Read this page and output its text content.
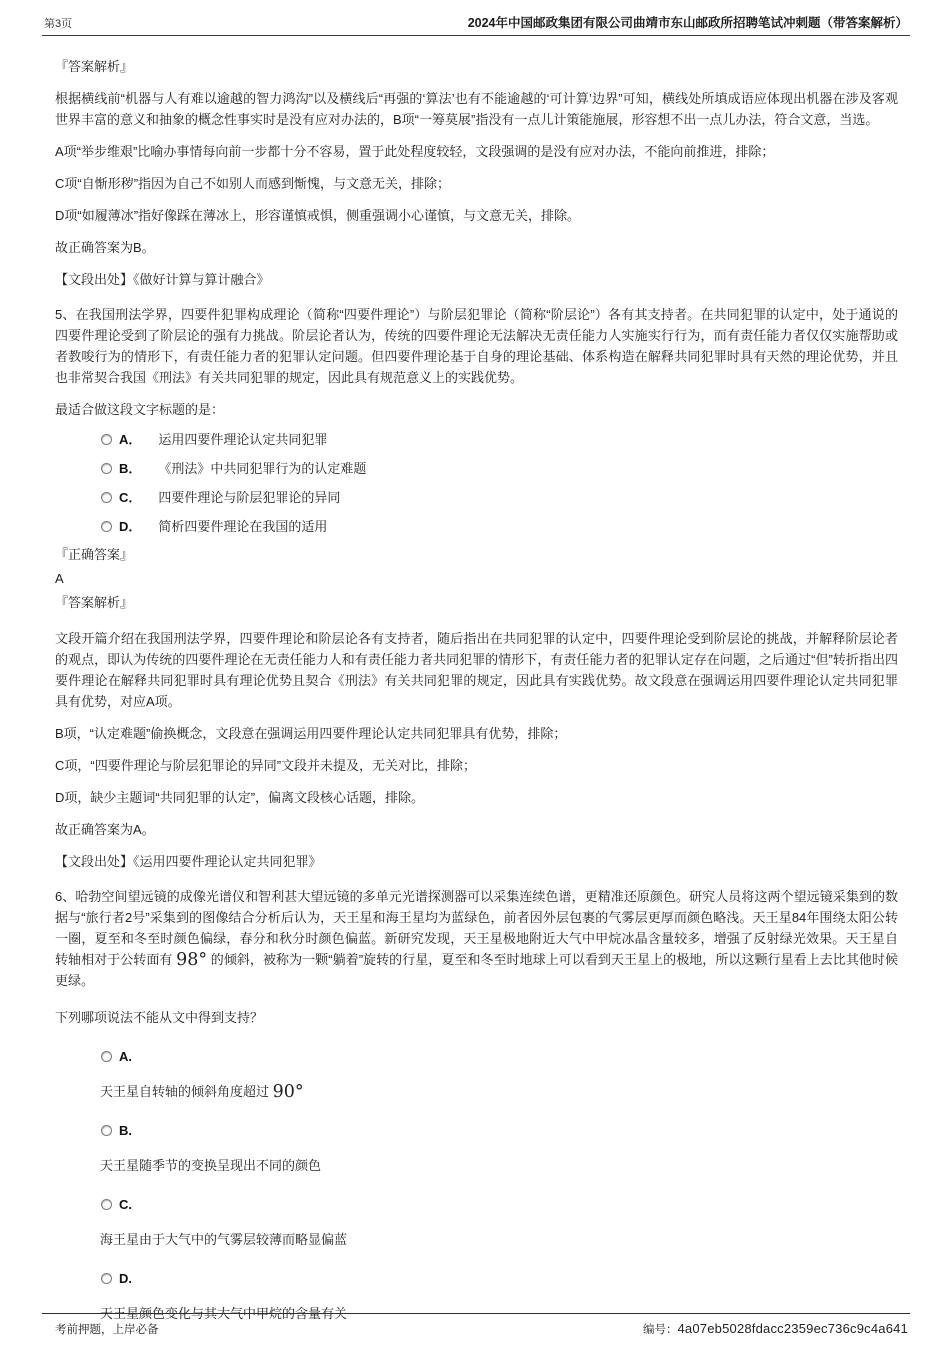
第3页	2024年中国邮政集团有限公司曲靖市东山邮政所招聘笔试冲刺题（带答案解析）
『答案解析』

根据横线前“机器与人有难以逾越的智力鸿沟”以及横线后“再强的‘算法’也有不能逾越的‘可计算’边界”可知，横线处所填成语应体现出机器在涉及客观世界丰富的意义和抽象的概念性事实时是没有应对办法的，B项“一筹莫展”指没有一点儿计策能施展，形容想不出一点儿办法，符合文意，当选。

A项“举步维艰”比喻办事情每向前一步都十分不容易，置于此处程度较轻，文段强调的是没有应对办法，不能向前推进，排除；

C项“自惭形秽”指因为自己不如别人而感到惭愧，与文意无关，排除；

D项“如履薄冰”指好像踩在薄冰上，形容谨慎戒惧，侧重强调小心谨慎，与文意无关，排除。

故正确答案为B。

【文段出处】《做好计算与算计融合》

5、在我国刑法学界，四要件犯罪构成理论（简称“四要件理论”）与阶层犯罪论（简称“阶层论”）各有其支持者。在共同犯罪的认定中，处于通说的四要件理论受到了阶层论的强有力挑战。阶层论者认为，传统的四要件理论无法解决无责任能力人实施实行行为，而有责任能力者仅仅实施帮助或者教唆行为的情形下，有责任能力者的犯罪认定问题。但四要件理论基于自身的理论基础、体系构造在解释共同犯罪时具有天然的理论优势，并且也非常契合我国《刑法》有关共同犯罪的规定，因此具有规范意义上的实践优势。

最适合做这段文字标题的是：

A． 运用四要件理论认定共同犯罪
B． 《刑法》中共同犯罪行为的认定难题
C． 四要件理论与阶层犯罪论的异同
D． 简析四要件理论在我国的适用
『正确答案』
A
『答案解析』

文段开篇介绍在我国刑法学界，四要件理论和阶层论各有支持者，随后指出在共同犯罪的认定中，四要件理论受到阶层论的挑战，并解释阶层论者的观点，即认为传统的四要件理论在无责任能力人和有责任能力者共同犯罪的情形下，有责任能力者的犯罪认定存在问题，之后通过“但”转折指出四要件理论在解释共同犯罪时具有理论优势且契合《刑法》有关共同犯罪的规定，因此具有实践优势。故文段意在强调运用四要件理论认定共同犯罪具有优势，对应A项。

B项，“认定难题”偷换概念，文段意在强调运用四要件理论认定共同犯罪具有优势，排除；

C项，“四要件理论与阶层犯罪论的异同”文段并未提及，无关对比，排除；

D项，缺少主题词“共同犯罪的认定”，偏离文段核心话题，排除。

故正确答案为A。

【文段出处】《运用四要件理论认定共同犯罪》

6、哈勃空间望远镜的成像光谱仪和智利甚大望远镜的多单元光谱探测器可以采集连续色谱，更精准还原颜色。研究人员将这两个望远镜采集到的数据与“旅行者2号”采集到的图像结合分析后认为，天王星和海王星均为蓝绿色，前者因外层包裹的气雾层更厚而颜色略浅。天王星84年围绕太阳公转一圈，夏至和冬至时颜色偏绿，春分和秋分时颜色偏蓝。新研究发现，天王星极地附近大气中甲烷冰晶含量较多，增强了反射绿光效果。天王星自转轴相对于公转面有 98° 的倾斜，被称为一颗“躺着”旋转的行星，夏至和冬至时地球上可以看到天王星上的极地，所以这颗行星看上去比其他时候更绿。

下列哪项说法不能从文中得到支持？

A.
天王星自转轴的倾斜角度超过 90°
B.
天王星随季节的变换呈现出不同的颜色
C.
海王星由于大气中的气雾层较薄而略显偏蓝
D.
天王星颜色变化与其大气中甲烷的含量有关
考前押题，上岸必备	编号：4a07eb5028fdacc2359ec736c9c4a641
